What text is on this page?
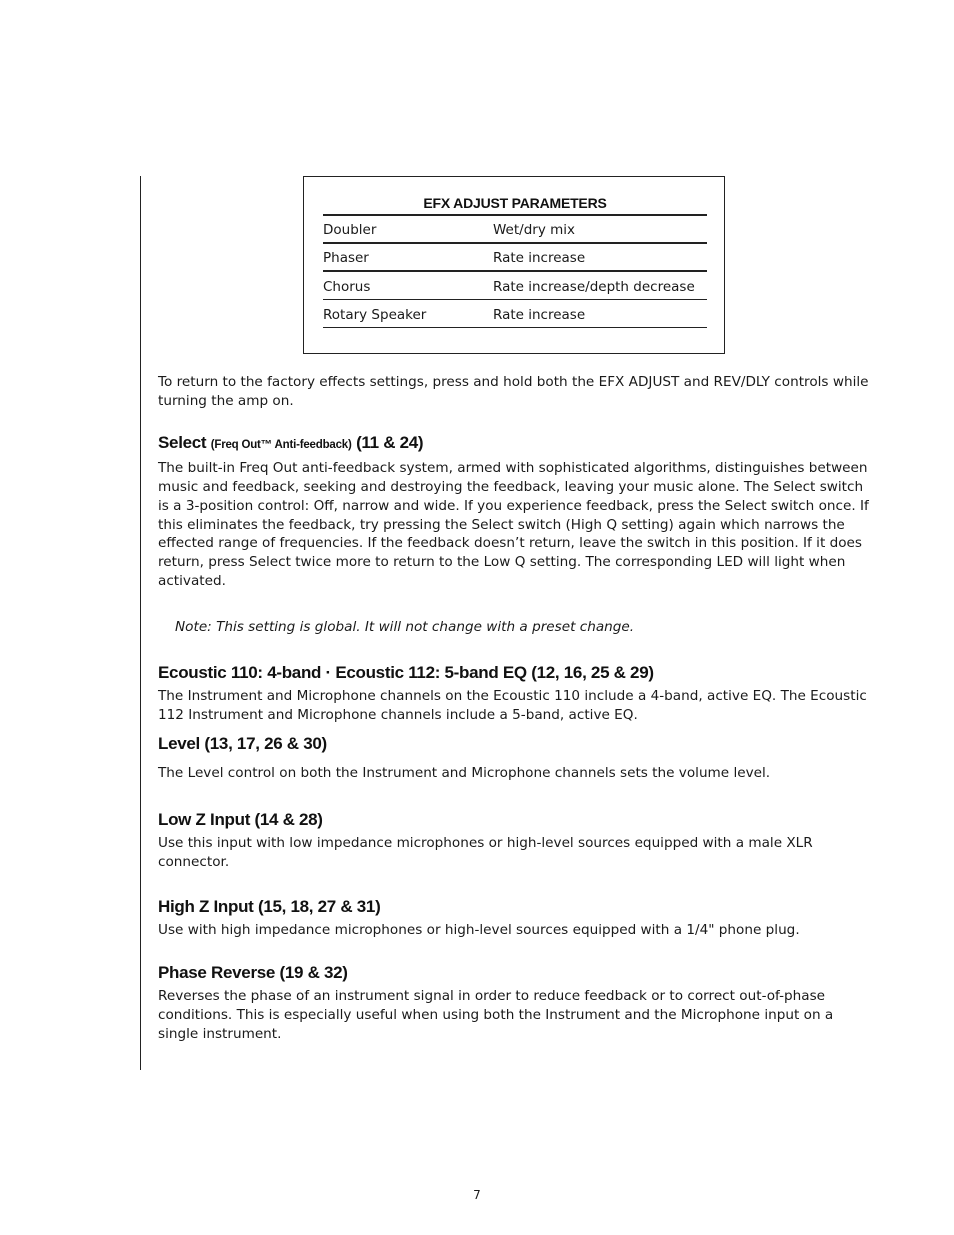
EFX ADJUST PARAMETERS
Doubler	Wet/dry mix
Phaser	Rate increase
Chorus	Rate increase/depth decrease
Rotary Speaker	Rate increase

To return to the factory effects settings, press and hold both the EFX ADJUST and REV/DLY controls while turning the amp on.

Select (Freq Out™ Anti-feedback) (11 & 24)

The built-in Freq Out anti-feedback system, armed with sophisticated algorithms, distinguishes between music and feedback, seeking and destroying the feedback, leaving your music alone. The Select switch is a 3-position control: Off, narrow and wide. If you experience feedback, press the Select switch once. If this eliminates the feedback, try pressing the Select switch (High Q setting) again which narrows the effected range of frequencies. If the feedback doesn’t return, leave the switch in this position. If it does return, press Select twice more to return to the Low Q setting. The corresponding LED will light when activated.

Note: This setting is global. It will not change with a preset change.

Ecoustic 110: 4-band · Ecoustic 112: 5-band EQ (12, 16, 25 & 29)

The Instrument and Microphone channels on the Ecoustic 110 include a 4-band, active EQ. The Ecoustic 112 Instrument and Microphone channels include a 5-band, active EQ.

Level (13, 17, 26 & 30)

The Level control on both the Instrument and Microphone channels sets the volume level.

Low Z Input (14 & 28)

Use this input with low impedance microphones or high-level sources equipped with a male XLR connector.

High Z Input (15, 18, 27 & 31)

Use with high impedance microphones or high-level sources equipped with a 1/4" phone plug.

Phase Reverse (19 & 32)

Reverses the phase of an instrument signal in order to reduce feedback or to correct out-of-phase conditions. This is especially useful when using both the Instrument and the Microphone input on a single instrument.

7
